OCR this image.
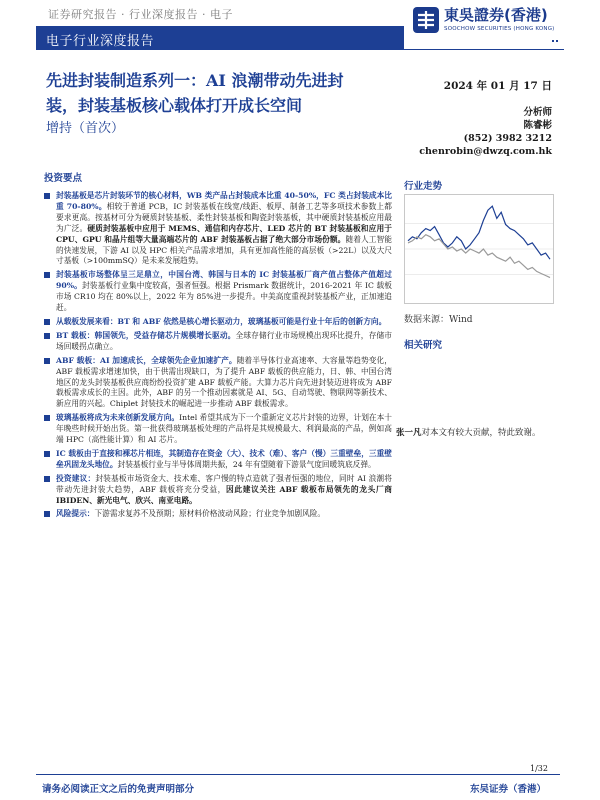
证券研究报告 · 行业深度报告 · 电子	東吳證券(香港)
SOOCHOW SECURITIES (HONG KONG)
电子行业深度报告
先进封装制造系列一：AI 浪潮带动先进封
装，封装基板核心载体打开成长空间
增持（首次）
2024 年 01 月 17 日
分析师
陈睿彬
(852) 3982 3212
chenrobin@dwzq.com.hk
投资要点
封装基板是芯片封装环节的核心材料，WB 类产品占封装成本比重 40-50%，FC 类占封装成本比重 70-80%。相较于普通 PCB，IC 封装基板在线宽/线距、板厚、制备工艺等多项技术参数上都要求更高。按基材可分为硬质封装基板、柔性封装基板和陶瓷封装基板，其中硬质封装基板应用最为广泛。硬质封装基板中应用于 MEMS、通信和内存芯片、LED 芯片的 BT 封装基板和应用于 CPU、GPU 和晶片组等大量高端芯片的 ABF 封装基板占据了绝大部分市场份额。随着人工智能的快速发展，下游 AI 以及 HPC 相关产品需求增加，具有更加高性能的高层板（>22L）以及大尺寸基板（>100mmSQ）是未来发展趋势。
封装基板市场整体呈三足鼎立，中国台湾、韩国与日本的 IC 封装基板厂商产值占整体产值超过 90%。封装基板行业集中度较高，强者恒强。根据 Prismark 数据统计，2016-2021 年 IC 载板市场 CR10 均在 80%以上，2022 年为 85%进一步提升。中美高度重视封装基板产业，正加速追赶。
从载板发展来看：BT 和 ABF 依然是核心增长驱动力，玻璃基板可能是行业十年后的创新方向。
BT 载板：韩国领先，受益存储芯片规模增长驱动。全球存储行业市场规模出现环比提升，存储市场回暖拐点确立。
ABF 载板：AI 加速成长，全球领先企业加速扩产。随着半导体行业高速率、大容量等趋势变化，ABF 载板需求增速加快，由于供需出现缺口，为了提升 ABF 载板的供应能力，日、韩、中国台湾地区的龙头封装基板供应商纷纷投资扩建 ABF 载板产能。大算力芯片向先进封装迈进将成为 ABF 载板需求成长的主因。此外，ABF 的另一个推动因素就是 AI、5G、自动驾驶、物联网等新技术、新应用的兴起。Chiplet 封装技术的崛起进一步推动 ABF 载板需求。
玻璃基板将成为未来创新发展方向。Intel 希望其成为下一个重新定义芯片封装的边界，计划在本十年晚些时候开始出货。第一批获得玻璃基板处理的产品将是其规模最大、利润最高的产品，例如高端 HPC（高性能计算）和 AI 芯片。
IC 载板由于直接和裸芯片相连，其制造存在资金（大）、技术（难）、客户（慢）三重壁垒，三重壁垒巩固龙头地位。封装基板行业与半导体周期共振，24 年有望随着下游景气度回暖筑底反弹。
投资建议：封装基板市场资金大、技术难、客户慢的特点造就了强者恒强的地位，同时 AI 浪潮将带动先进封装大趋势，ABF 载板将充分受益，因此建议关注 ABF 载板布局领先的龙头厂商 IBIDEN、新光电气、欣兴、南亚电路。
风险提示：下游需求复苏不及预期；原材料价格波动风险；行业竞争加剧风险。
行业走势
数据来源：Wind
相关研究
张一凡对本文有较大贡献，特此致谢。
1/32
请务必阅读正文之后的免责声明部分	东吴证券（香港）
